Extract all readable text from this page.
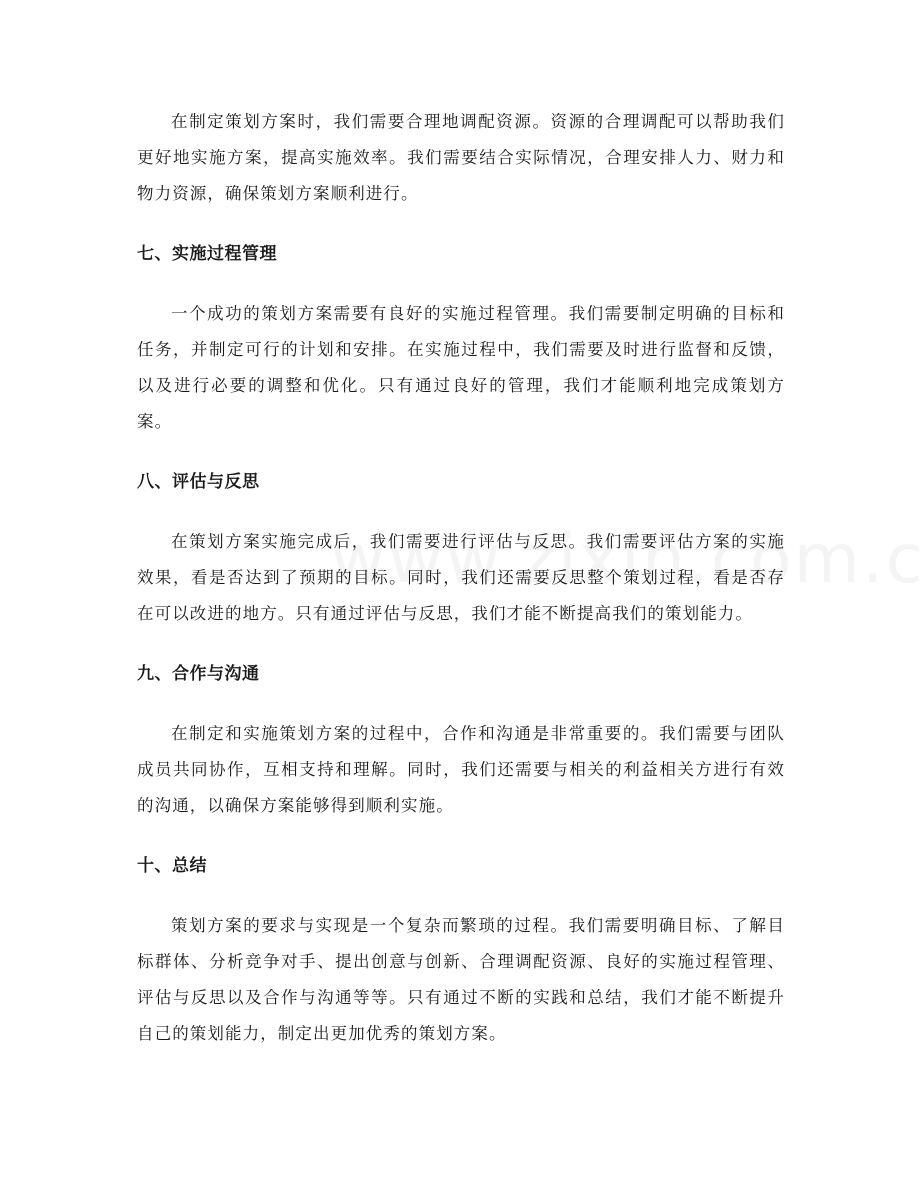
在制定策划方案时，我们需要合理地调配资源。资源的合理调配可以帮助我们更好地实施方案，提高实施效率。我们需要结合实际情况，合理安排人力、财力和物力资源，确保策划方案顺利进行。

七、实施过程管理

一个成功的策划方案需要有良好的实施过程管理。我们需要制定明确的目标和任务，并制定可行的计划和安排。在实施过程中，我们需要及时进行监督和反馈，以及进行必要的调整和优化。只有通过良好的管理，我们才能顺利地完成策划方案。

八、评估与反思

在策划方案实施完成后，我们需要进行评估与反思。我们需要评估方案的实施效果，看是否达到了预期的目标。同时，我们还需要反思整个策划过程，看是否存在可以改进的地方。只有通过评估与反思，我们才能不断提高我们的策划能力。

九、合作与沟通

在制定和实施策划方案的过程中，合作和沟通是非常重要的。我们需要与团队成员共同协作，互相支持和理解。同时，我们还需要与相关的利益相关方进行有效的沟通，以确保方案能够得到顺利实施。

十、总结

策划方案的要求与实现是一个复杂而繁琐的过程。我们需要明确目标、了解目标群体、分析竞争对手、提出创意与创新、合理调配资源、良好的实施过程管理、评估与反思以及合作与沟通等等。只有通过不断的实践和总结，我们才能不断提升自己的策划能力，制定出更加优秀的策划方案。
